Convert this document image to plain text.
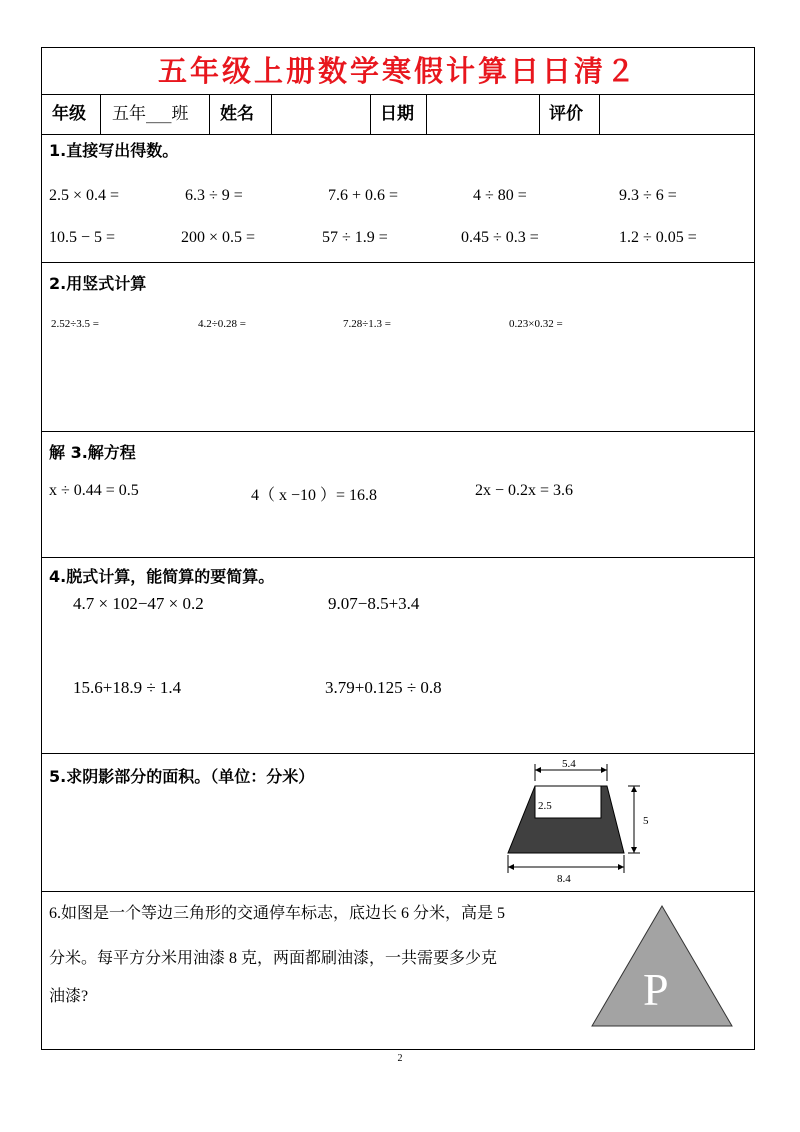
五年级上册数学寒假计算日日清２
年级 五年___班 姓名	日期	评价
1.直接写出得数。
2.5 × 0.4 =	6.3 ÷ 9 =	7.6 + 0.6 =	4 ÷ 80 =	9.3 ÷ 6 =
10.5 − 5 =	200 × 0.5 =	57 ÷ 1.9 =	0.45 ÷ 0.3 =	1.2 ÷ 0.05 =
2.用竖式计算
2.52÷3.5 =	4.2÷0.28 =	7.28÷1.3 =	0.23×0.32 =
解 3.解方程
x ÷ 0.44 = 0.5	4（ x −10 ）= 16.8	2x − 0.2x = 3.6
4.脱式计算，能简算的要简算。
4.7 × 102−47 × 0.2	9.07−8.5+3.4
15.6+18.9 ÷ 1.4	3.79+0.125 ÷ 0.8
5.求阴影部分的面积。（单位：分米）
5.4
2.5
5
8.4
6.如图是一个等边三角形的交通停车标志，底边长 6 分米，高是 5
分米。每平方分米用油漆 8 克，两面都刷油漆，一共需要多少克
油漆?	P
2
